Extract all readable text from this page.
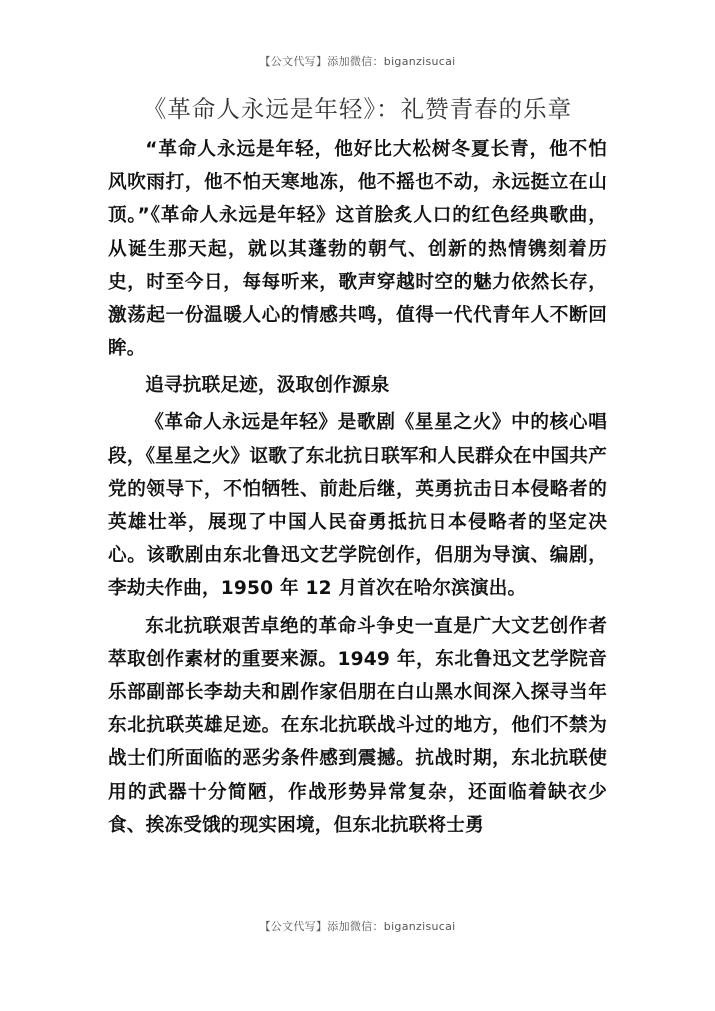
【公文代写】添加微信：biganzisucai
《革命人永远是年轻》：礼赞青春的乐章

“革命人永远是年轻，他好比大松树冬夏长青，他不怕风吹雨打，他不怕天寒地冻，他不摇也不动，永远挺立在山顶。”《革命人永远是年轻》这首脍炙人口的红色经典歌曲，从诞生那天起，就以其蓬勃的朝气、创新的热情镌刻着历史，时至今日，每每听来，歌声穿越时空的魅力依然长存，激荡起一份温暖人心的情感共鸣，值得一代代青年人不断回眸。

追寻抗联足迹，汲取创作源泉

《革命人永远是年轻》是歌剧《星星之火》中的核心唱段，《星星之火》讴歌了东北抗日联军和人民群众在中国共产党的领导下，不怕牺牲、前赴后继，英勇抗击日本侵略者的英雄壮举，展现了中国人民奋勇抵抗日本侵略者的坚定决心。该歌剧由东北鲁迅文艺学院创作，侣朋为导演、编剧，李劫夫作曲，1950 年 12 月首次在哈尔滨演出。

东北抗联艰苦卓绝的革命斗争史一直是广大文艺创作者萃取创作素材的重要来源。1949 年，东北鲁迅文艺学院音乐部副部长李劫夫和剧作家侣朋在白山黑水间深入探寻当年东北抗联英雄足迹。在东北抗联战斗过的地方，他们不禁为战士们所面临的恶劣条件感到震撼。抗战时期，东北抗联使用的武器十分简陋，作战形势异常复杂，还面临着缺衣少食、挨冻受饿的现实困境，但东北抗联将士勇

【公文代写】添加微信：biganzisucai
